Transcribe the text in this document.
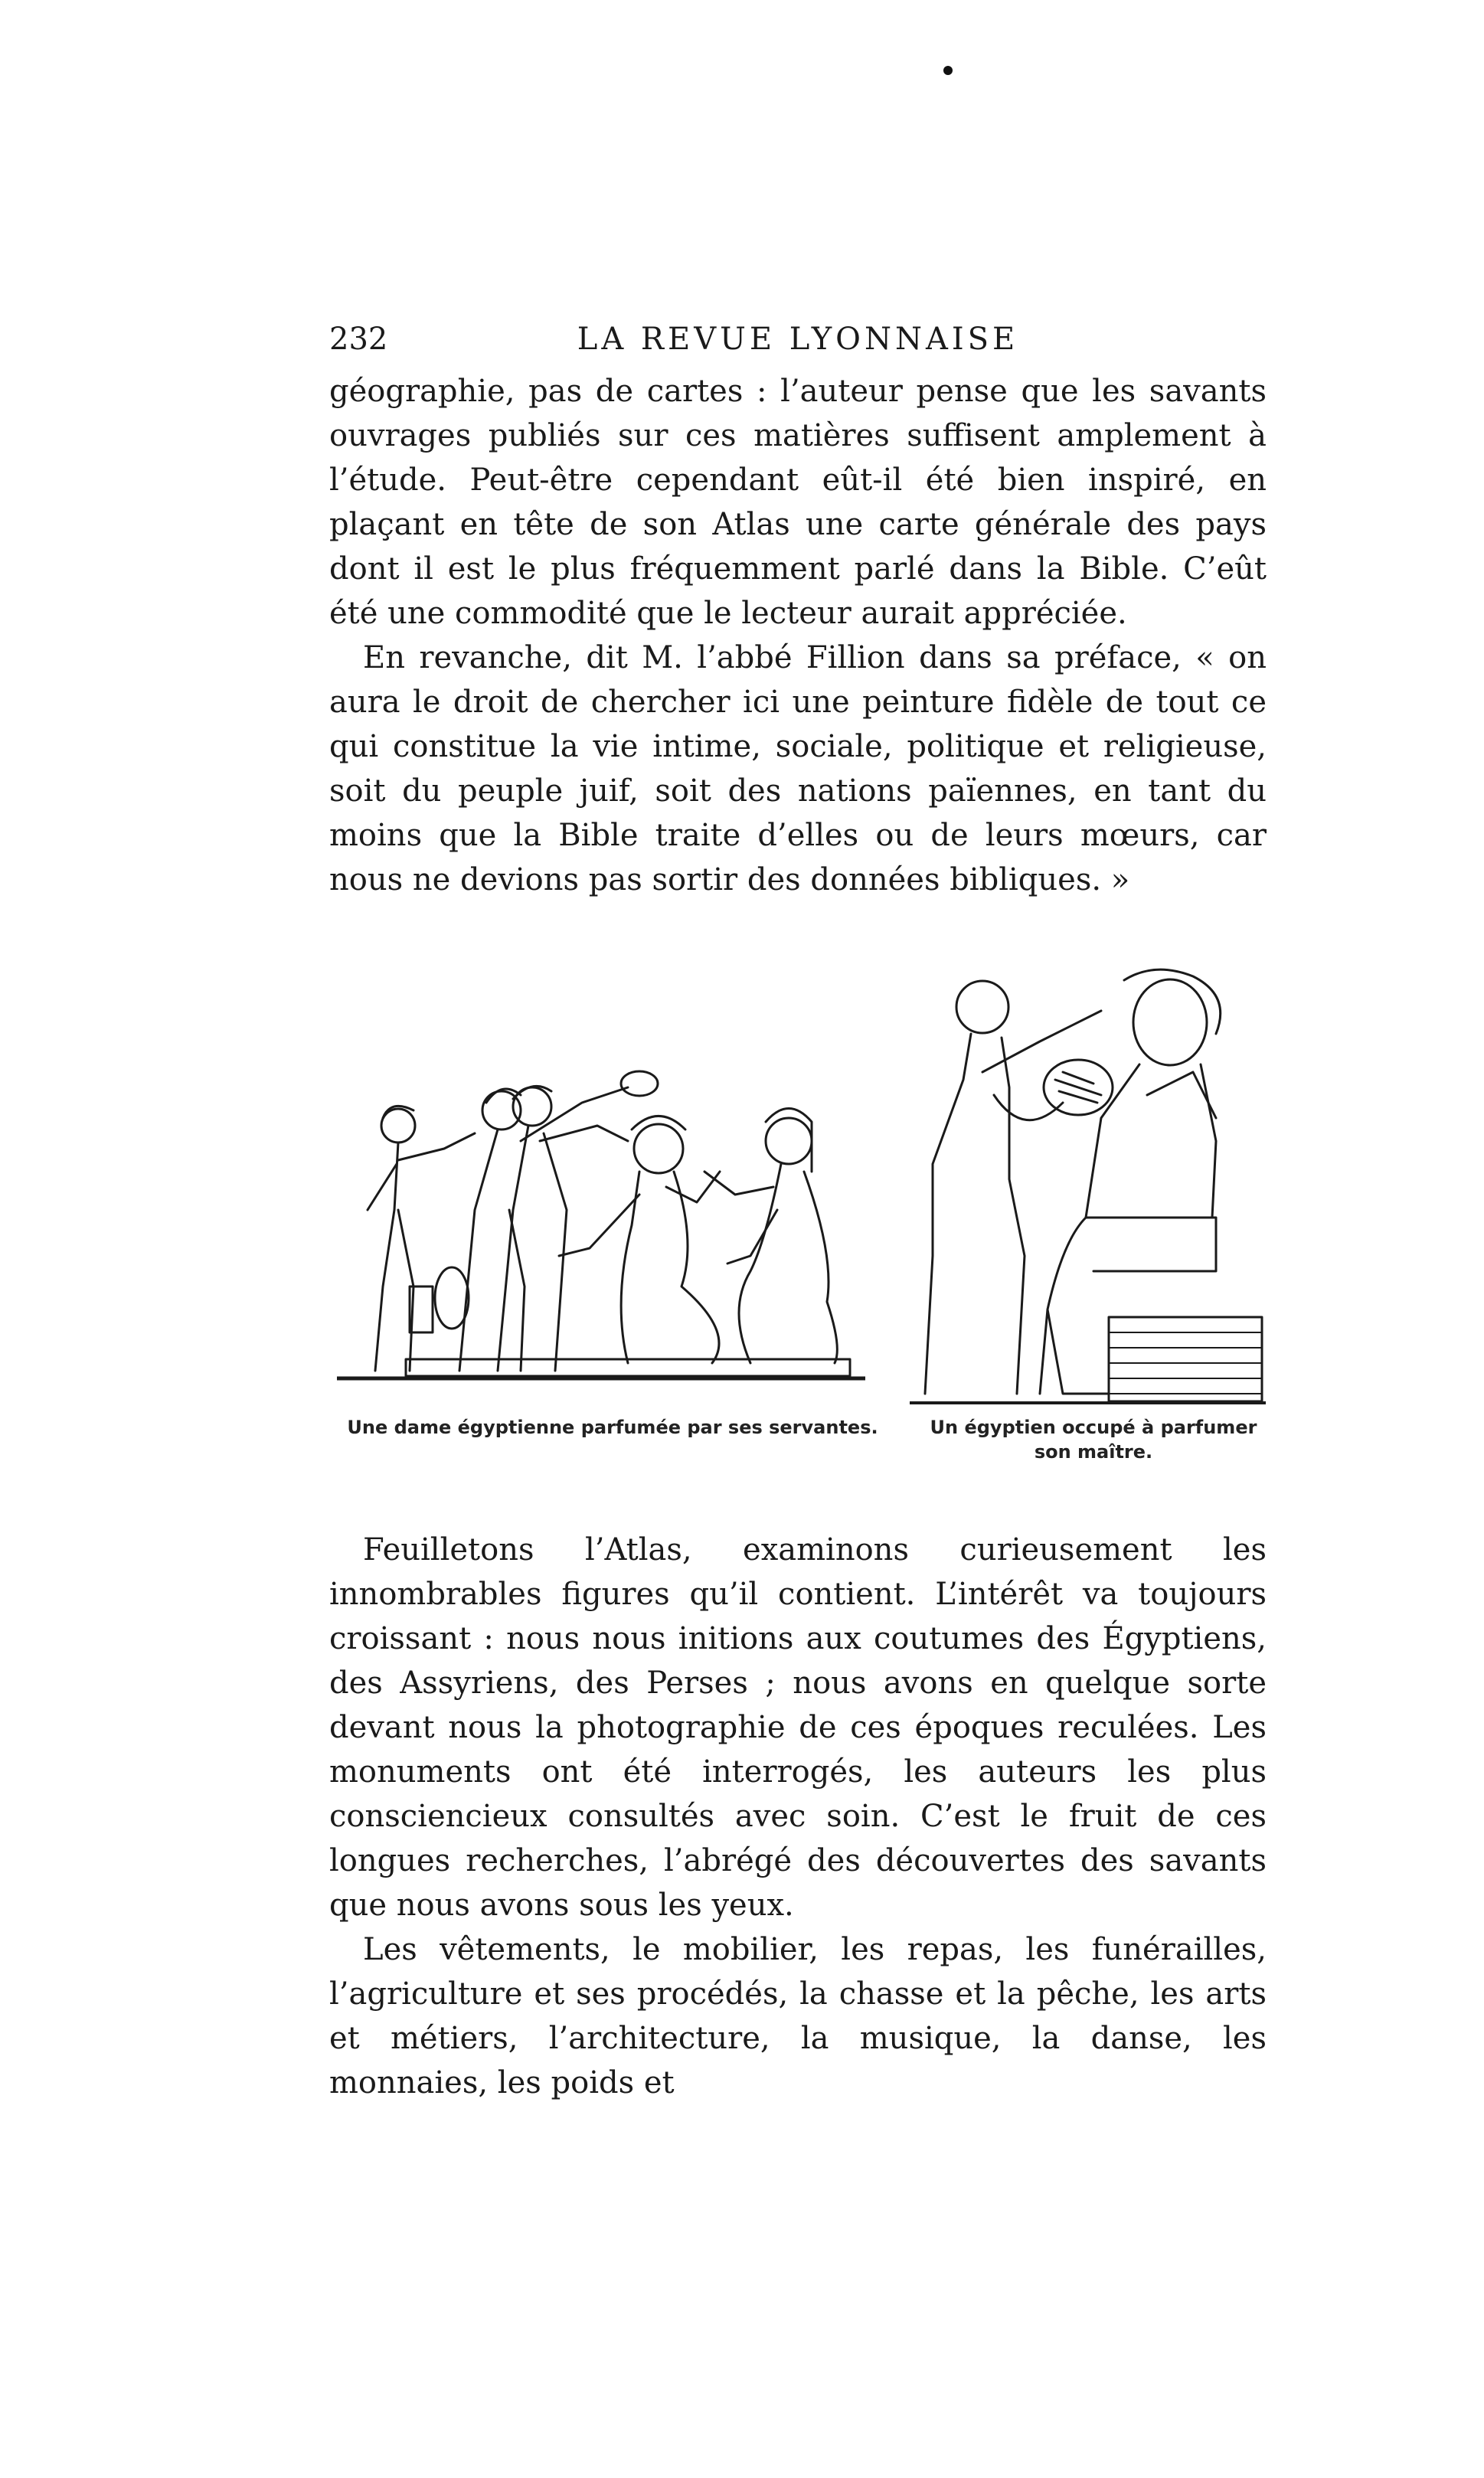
232	LA REVUE LYONNAISE

géographie, pas de cartes : l’auteur pense que les savants ouvrages publiés sur ces matières suffisent amplement à l’étude. Peut-être cependant eût-il été bien inspiré, en plaçant en tête de son Atlas une carte générale des pays dont il est le plus fréquemment parlé dans la Bible. C’eût été une commodité que le lecteur aurait appréciée.

En revanche, dit M. l’abbé Fillion dans sa préface, « on aura le droit de chercher ici une peinture fidèle de tout ce qui constitue la vie intime, sociale, politique et religieuse, soit du peuple juif, soit des nations païennes, en tant du moins que la Bible traite d’elles ou de leurs mœurs, car nous ne devions pas sortir des données bibliques. »

Une dame égyptienne parfumée par ses servantes.	Un égyptien occupé à parfumer son maître.

Feuilletons l’Atlas, examinons curieusement les innombrables figures qu’il contient. L’intérêt va toujours croissant : nous nous initions aux coutumes des Égyptiens, des Assyriens, des Perses ; nous avons en quelque sorte devant nous la photographie de ces époques reculées. Les monuments ont été interrogés, les auteurs les plus consciencieux consultés avec soin. C’est le fruit de ces longues recherches, l’abrégé des découvertes des savants que nous avons sous les yeux.

Les vêtements, le mobilier, les repas, les funérailles, l’agriculture et ses procédés, la chasse et la pêche, les arts et métiers, l’architecture, la musique, la danse, les monnaies, les poids et
